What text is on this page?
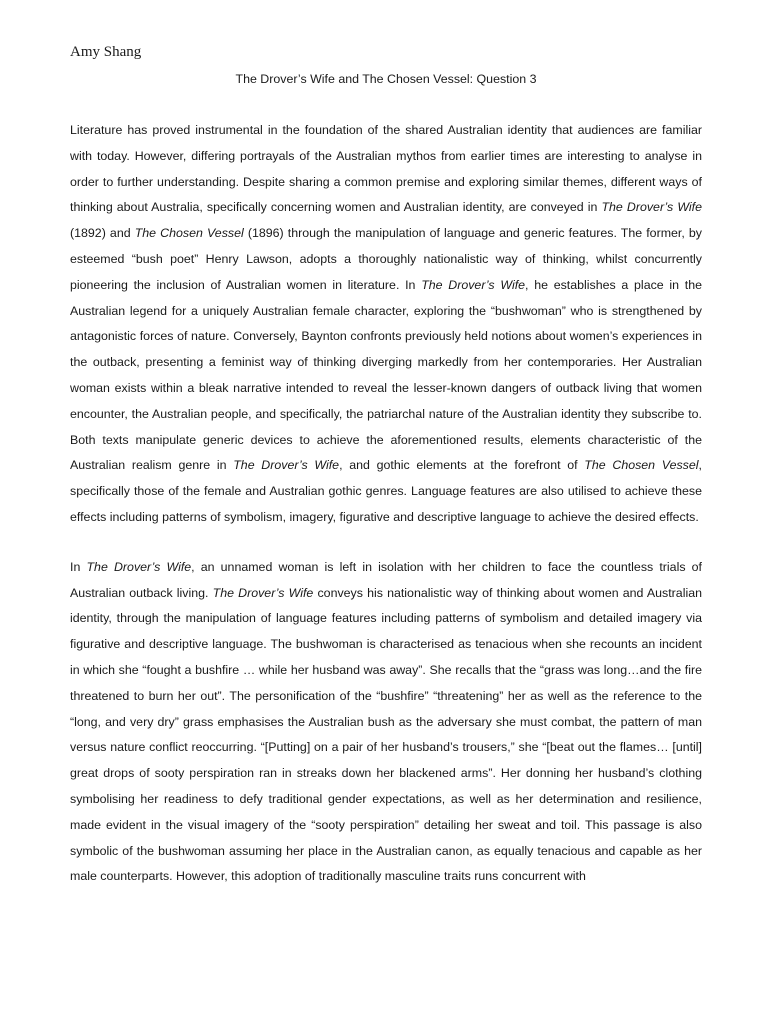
Amy Shang
The Drover’s Wife and The Chosen Vessel: Question 3
Literature has proved instrumental in the foundation of the shared Australian identity that audiences are familiar with today. However, differing portrayals of the Australian mythos from earlier times are interesting to analyse in order to further understanding. Despite sharing a common premise and exploring similar themes, different ways of thinking about Australia, specifically concerning women and Australian identity, are conveyed in The Drover’s Wife (1892) and The Chosen Vessel (1896) through the manipulation of language and generic features. The former, by esteemed “bush poet” Henry Lawson, adopts a thoroughly nationalistic way of thinking, whilst concurrently pioneering the inclusion of Australian women in literature. In The Drover’s Wife, he establishes a place in the Australian legend for a uniquely Australian female character, exploring the “bushwoman” who is strengthened by antagonistic forces of nature. Conversely, Baynton confronts previously held notions about women’s experiences in the outback, presenting a feminist way of thinking diverging markedly from her contemporaries. Her Australian woman exists within a bleak narrative intended to reveal the lesser-known dangers of outback living that women encounter, the Australian people, and specifically, the patriarchal nature of the Australian identity they subscribe to. Both texts manipulate generic devices to achieve the aforementioned results, elements characteristic of the Australian realism genre in The Drover’s Wife, and gothic elements at the forefront of The Chosen Vessel, specifically those of the female and Australian gothic genres. Language features are also utilised to achieve these effects including patterns of symbolism, imagery, figurative and descriptive language to achieve the desired effects.
In The Drover’s Wife, an unnamed woman is left in isolation with her children to face the countless trials of Australian outback living. The Drover’s Wife conveys his nationalistic way of thinking about women and Australian identity, through the manipulation of language features including patterns of symbolism and detailed imagery via figurative and descriptive language. The bushwoman is characterised as tenacious when she recounts an incident in which she “fought a bushfire … while her husband was away”. She recalls that the “grass was long…and the fire threatened to burn her out”. The personification of the “bushfire” “threatening” her as well as the reference to the “long, and very dry” grass emphasises the Australian bush as the adversary she must combat, the pattern of man versus nature conflict reoccurring. “[Putting] on a pair of her husband’s trousers,” she “[beat out the flames… [until] great drops of sooty perspiration ran in streaks down her blackened arms”. Her donning her husband’s clothing symbolising her readiness to defy traditional gender expectations, as well as her determination and resilience, made evident in the visual imagery of the “sooty perspiration” detailing her sweat and toil. This passage is also symbolic of the bushwoman assuming her place in the Australian canon, as equally tenacious and capable as her male counterparts. However, this adoption of traditionally masculine traits runs concurrent with
